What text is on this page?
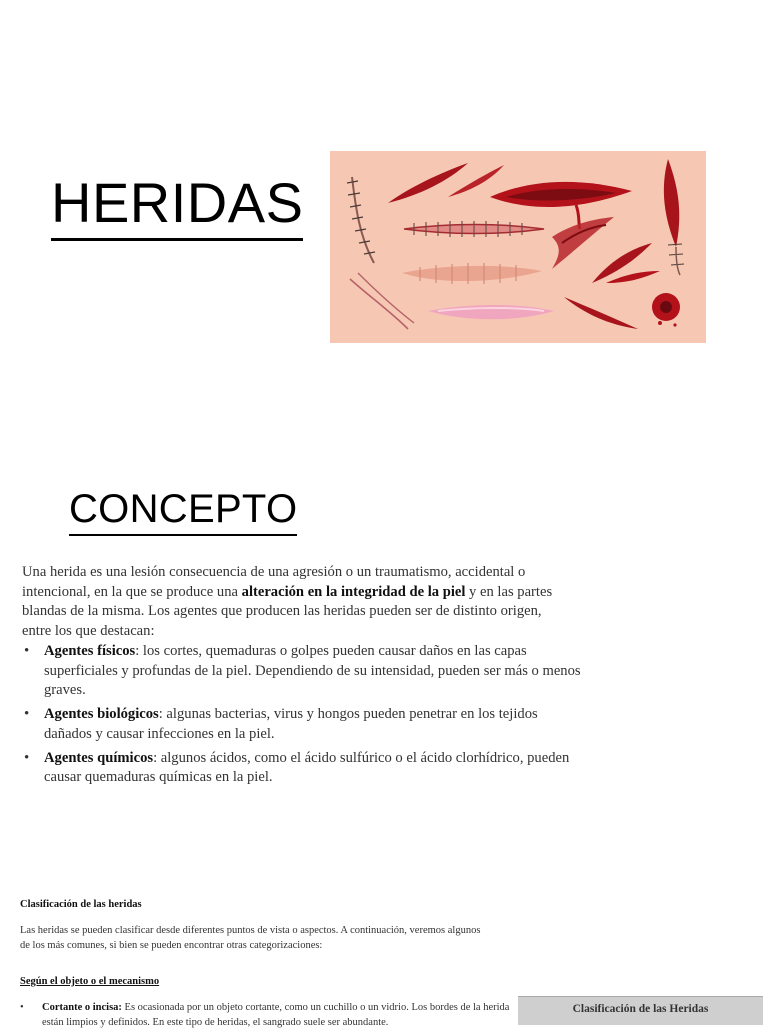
HERIDAS
CONCEPTO

Una herida es una lesión consecuencia de una agresión o un traumatismo, accidental o intencional, en la que se produce una alteración en la integridad de la piel y en las partes blandas de la misma. Los agentes que producen las heridas pueden ser de distinto origen, entre los que destacan:

• Agentes físicos: los cortes, quemaduras o golpes pueden causar daños en las capas superficiales y profundas de la piel. Dependiendo de su intensidad, pueden ser más o menos graves.
• Agentes biológicos: algunas bacterias, virus y hongos pueden penetrar en los tejidos dañados y causar infecciones en la piel.
• Agentes químicos: algunos ácidos, como el ácido sulfúrico o el ácido clorhídrico, pueden causar quemaduras químicas en la piel.

Clasificación de las heridas

Las heridas se pueden clasificar desde diferentes puntos de vista o aspectos. A continuación, veremos algunos de los más comunes, si bien se pueden encontrar otras categorizaciones:

Según el objeto o el mecanismo

• Cortante o incisa: Es ocasionada por un objeto cortante, como un cuchillo o un vidrio. Los bordes de la herida están limpios y definidos. En este tipo de heridas, el sangrado suele ser abundante.
Clasificación de las Heridas
